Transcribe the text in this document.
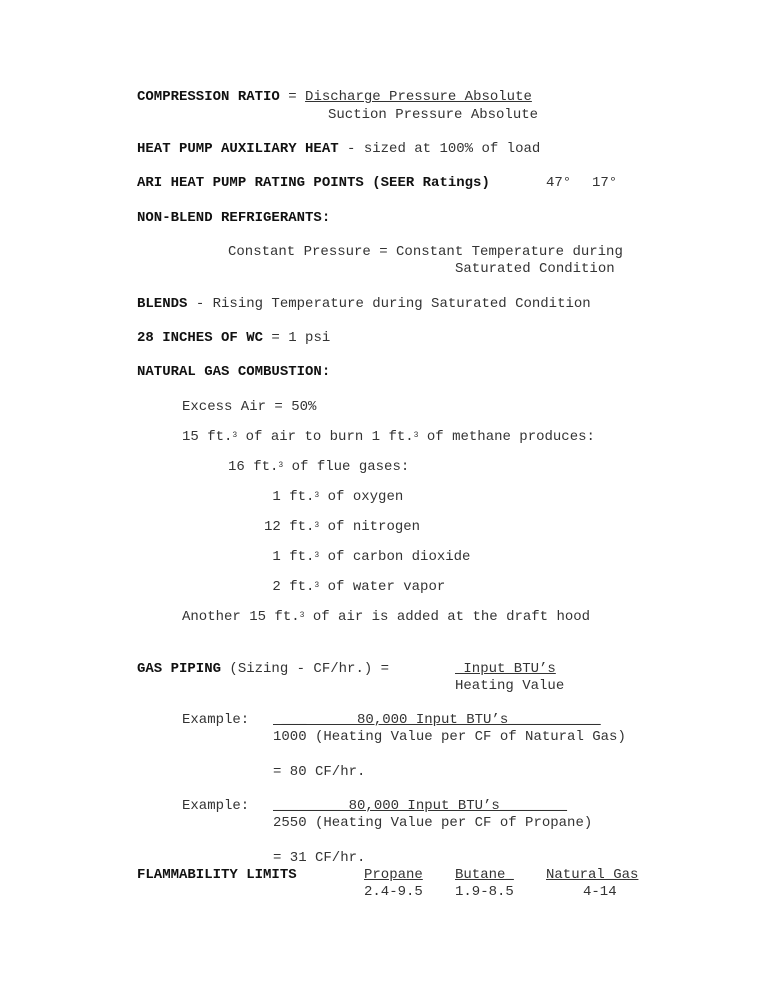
COMPRESSION RATIO = Discharge Pressure Absolute
Suction Pressure Absolute
HEAT PUMP AUXILIARY HEAT - sized at 100% of load
ARI HEAT PUMP RATING POINTS (SEER Ratings)	47° 17°
NON-BLEND REFRIGERANTS:
Constant Pressure = Constant Temperature during
Saturated Condition
BLENDS - Rising Temperature during Saturated Condition
28 INCHES OF WC = 1 psi
NATURAL GAS COMBUSTION:
Excess Air = 50%
15 ft.$^3$ of air to burn 1 ft.$^3$ of methane produces:
16 ft.$^3$ of flue gases:
1 ft.$^3$ of oxygen
12 ft.$^3$ of nitrogen
1 ft.$^3$ of carbon dioxide
2 ft.$^3$ of water vapor
Another 15 ft.$^3$ of air is added at the draft hood
GAS PIPING (Sizing - CF/hr.) =	Input BTU’s
Heating Value
Example: ___      80,000 Input BTU’s___________
1000 (Heating Value per CF of Natural Gas)
= 80 CF/hr.
Example: ________ 80,000 Input BTU’s________
2550 (Heating Value per CF of Propane)
= 31 CF/hr.
FLAMMABILITY LIMITS	Propane Butane_ Natural Gas
2.4-9.5 1.9-8.5	4-14
